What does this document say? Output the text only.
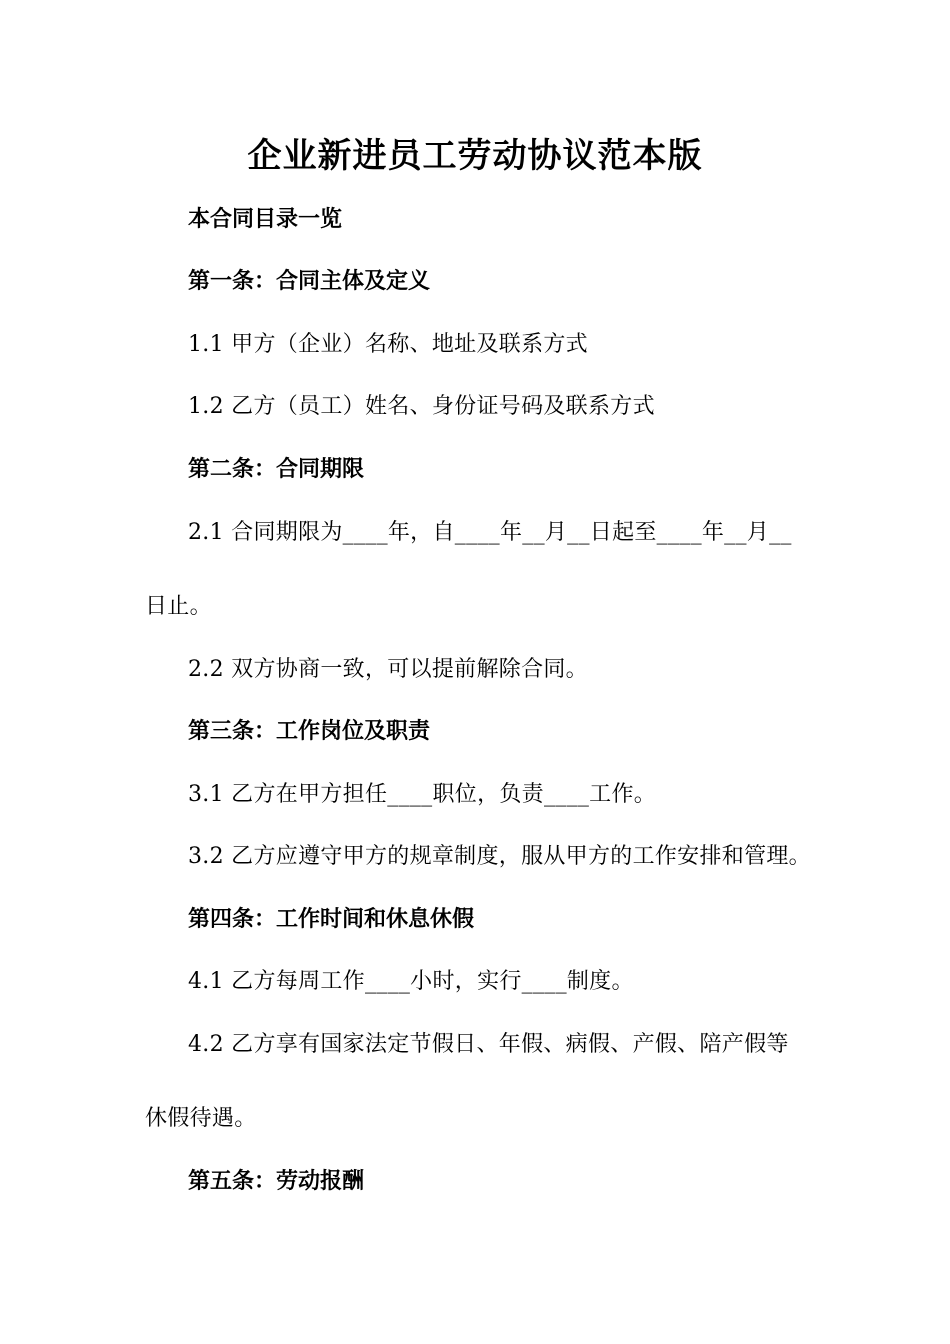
企业新进员工劳动协议范本版
本合同目录一览
第一条：合同主体及定义
1.1 甲方（企业）名称、地址及联系方式
1.2 乙方（员工）姓名、身份证号码及联系方式
第二条：合同期限
2.1 合同期限为____年，自____年__月__日起至____年__月__
日止。
2.2 双方协商一致，可以提前解除合同。
第三条：工作岗位及职责
3.1 乙方在甲方担任____职位，负责____工作。
3.2 乙方应遵守甲方的规章制度，服从甲方的工作安排和管理。
第四条：工作时间和休息休假
4.1 乙方每周工作____小时，实行____制度。
4.2 乙方享有国家法定节假日、年假、病假、产假、陪产假等
休假待遇。
第五条：劳动报酬
